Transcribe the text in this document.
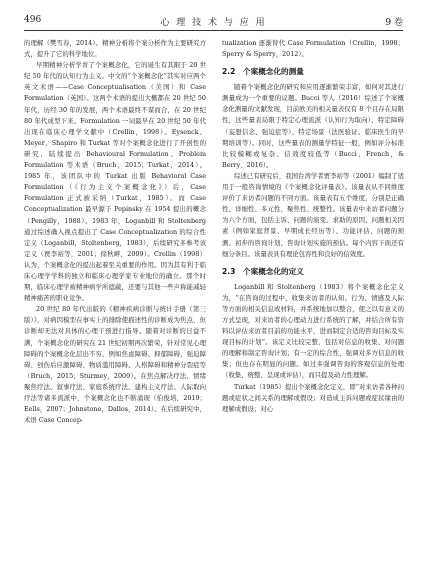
496	心 理 技 术 与 应 用	9 卷

的理解（樊雪春，2014）。精神分析将个案分析作为主要研究方式，提升了它的科学地位。

早期精神分析学育了个案概念化，它的诞生有其限于 20 世纪 50 年代的认知行为主义。中文的“个案概念化”其实对应两个英文术语——Case Conceptualisation（美国）和 Case Formulation（英国）。这两个术语的提出大概都在 20 世纪 50 年代，历经 30 年的发展，两个术语最终不谋而合，在 20 世纪 80 年代成型下来。Formulation 一词最早在 20 世纪 50 年代出现在临床心理学文献中（Crellin，1998）。Eysenck、Meyer、Shapiro 和 Turkat 等对个案概念化进行了开创性的研究，陆续提出 Behavioural Formulation、Problem Formulation 等术语（Bruch，2015；Turkat，2014）。1985 年，该团队中的 Turkat 出版 Behavioral Case Formulation（《行为主义个案概念化》）后，Case Formulation 正式被采纳（Turkat，1985）。而 Case Conceptualization 最早源于 Pepinsky 在 1954 提出的概念（Pengilly，1988）。1983 年，Loganbill 和 Stoltenberg 通过综述确入视点提出了 Case Conceptualization 的综合性定义（Loganbill，Stoltenberg，1983），后续研究多参考该定义（贾李裕等，2001；徐秋畔，2009）。Crellin（1998）认为，个案概念化的提出起着至关重要的作用。因为其有利于临床心理学学科的独立和临床心理学家专业地位的确立。那个时期，临床心理学被精神病学所遮蔽，还要与其他一些声称能减轻精神痛苦的职业竞争。

20 世纪 80 年代出版的《精神疾病诊断与统计手册（第三版）》，对病因模型在事实上的排除使描述性的诊断成为焦点，但诊断却无法对具体的心理干预进行指导。随着对诊断的日益不满，个案概念化的研究在 21 世纪初期再次繁荣，针对常见心理障碍的个案概念化层出不穷，例如焦虑障碍、抑郁障碍、强迫障碍、创伤后应激障碍、物质滥用障碍、人格障碍和精神分裂症等（Bruch，2015；Sturmey，2009）。在焦点解决疗法、情绪聚焦疗法、叙事疗法、家庭系统疗法、建构主义疗法、人际取向疗法等诸多流派中，个案概念化也不断涌现（伯俊培，2019；Eells，2007；Johnstone，Dallos，2014）。在后续研究中，术语 Case Concep-

tualization 逐渐替代 Case Formulation（Crellin，1998；Sperry & Sperry，2012）。

2.2　个案概念化的测量

随着个案概念化的研究和应用逐渐繁荣丰富，如何对其进行测量成为一个重要的议题。Bucci 等人（2016）综述了个案概念化测量的文献发现，目前欧美的相关量表仅有 8 个且存在局限性，这些量表局限于特定心理流派（认知行为取向）、特定障碍（妄想信念、强迫症等）、特定场景（法医验证、临床医生的早期培训等）。同时，这些量表的测量学特征一般，例如评分标准比较模糊或复杂、信效度较低等（Bucci，French，& Berry，2016）。

综述已有研究后，我国台湾学者贾李裕等（2001）编制了适用于一般咨询情境的《个案概念化评量表》。该量表从不同维度评价了来访者问题的不同方面。该量表有五个维度，分别是正确性、详细性、多元性、聚焦性、统整性。该量表中来访者问题分为六个方面，包括主诉、问题的演变、求助的原因、问题相关因素（例如家庭背景、早期成长经历等）、功能评估、问题的预测、初步的咨询计划、咨询计划实施的预估。每个内容下面还有细分条目。该量表具有理论包容性和良好的信效度。

2.3　个案概念化的定义

Loganbill 和 Stoltenberg（1983）将个案概念化定义为，“在咨询的过程中，收集来访者的认知、行为、情感及人际等方面的相关信息或材料，并系统地加以整合，使之以有意义的方式呈现，对来访者的心理动力进行系统的了解，并结合所有资料以评估来访者目前的功能水平，进而制定合适的咨询目标及实现目标的计划”。该定义比较完整，包括对信息的收集、对问题的理解和制定咨询计划；有一定的综合性，强调对多方信息的收集；但也存在明显的问题。如过多强调咨询的客观信息的处理（收集、统整、呈现或评估），而只提及动力性理解。

Turkat（1985）提出个案概念化定义，即“对来访者各种问题或症状之间关系的理解或假设；对造成主诉问题或症状缘由的理解或假设；对心
